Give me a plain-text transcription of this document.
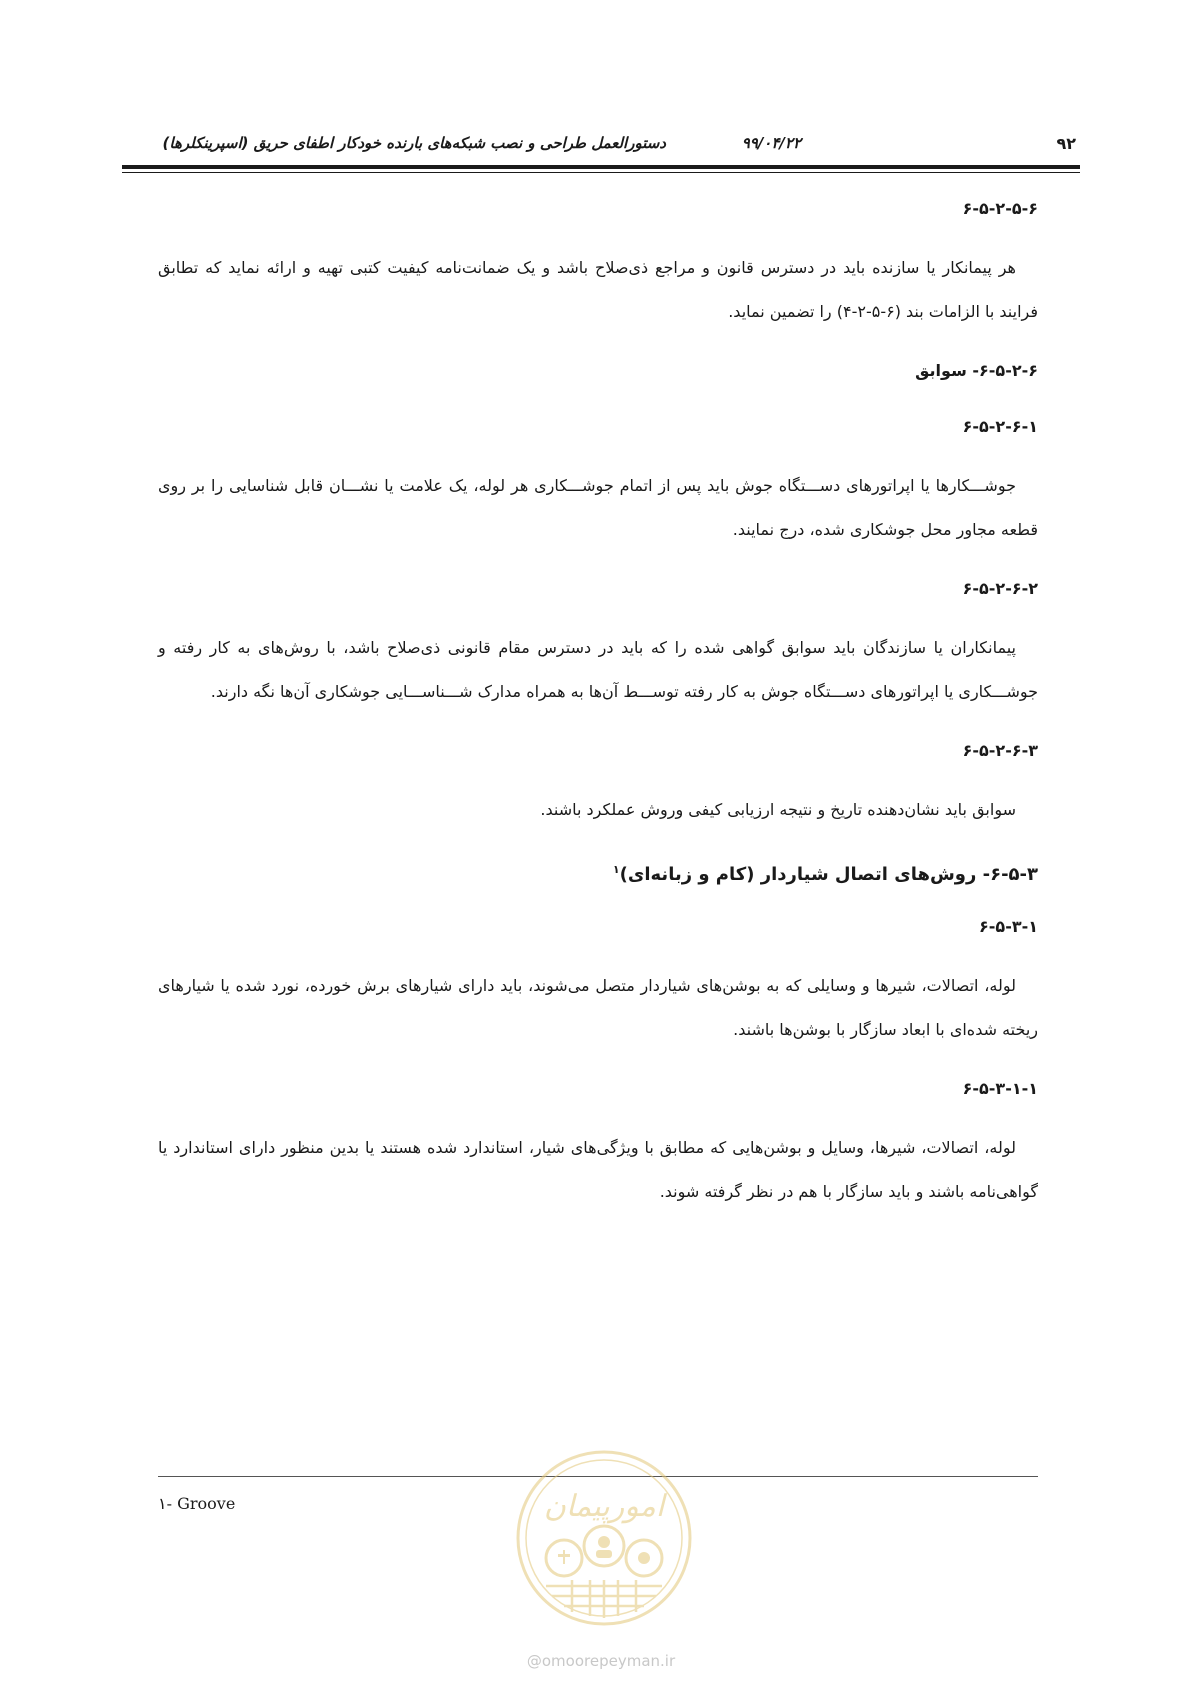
۹۲
۹۹/۰۴/۲۲
دستورالعمل طراحی و نصب شبکه‌های بارنده خودکار اطفای حریق (اسپرینکلرها)
۶-۵-۲-۵-۶

هر پیمانکار یا سازنده باید در دسترس قانون و مراجع ذی‌صلاح باشد و یک ضمانت‌نامه کیفیت کتبی تهیه و ارائه نماید که تطابق فرایند با الزامات بند (۶-۵-۲-۴) را تضمین نماید.

۶-۵-۲-۶- سوابق
۶-۵-۲-۶-۱

جوشـــکارها یا اپراتورهای دســـتگاه جوش باید پس از اتمام جوشـــکاری هر لوله، یک علامت یا نشـــان قابل شناسایی را بر روی قطعه مجاور محل جوشکاری شده، درج نمایند.

۶-۵-۲-۶-۲

پیمانکاران یا سازندگان باید سوابق گواهی شده را که باید در دسترس مقام قانونی ذی‌صلاح باشد، با روش‌های به کار رفته و جوشـــکاری یا اپراتورهای دســـتگاه جوش به کار رفته توســـط آن‌ها به همراه مدارک شـــناســـایی جوشکاری آن‌ها نگه دارند.

۶-۵-۲-۶-۳

سوابق باید نشان‌دهنده تاریخ و نتیجه ارزیابی کیفی وروش عملکرد باشند.

۶-۵-۳- روش‌های اتصال شیاردار (کام و زبانه‌ای)$^۱$
۶-۵-۳-۱

لوله، اتصالات، شیرها و وسایلی که به بوشن‌های شیاردار متصل می‌شوند، باید دارای شیارهای برش خورده، نورد شده یا شیارهای ریخته شده‌ای با ابعاد سازگار با بوشن‌ها باشند.

۶-۵-۳-۱-۱

لوله، اتصالات، شیرها، وسایل و بوشن‌هایی که مطابق با ویژگی‌های شیار، استاندارد شده هستند یا بدین منظور دارای استاندارد یا گواهی‌نامه باشند و باید سازگار با هم در نظر گرفته شوند.

۱- Groove	امورپیمان
@omoorepeyman.ir
